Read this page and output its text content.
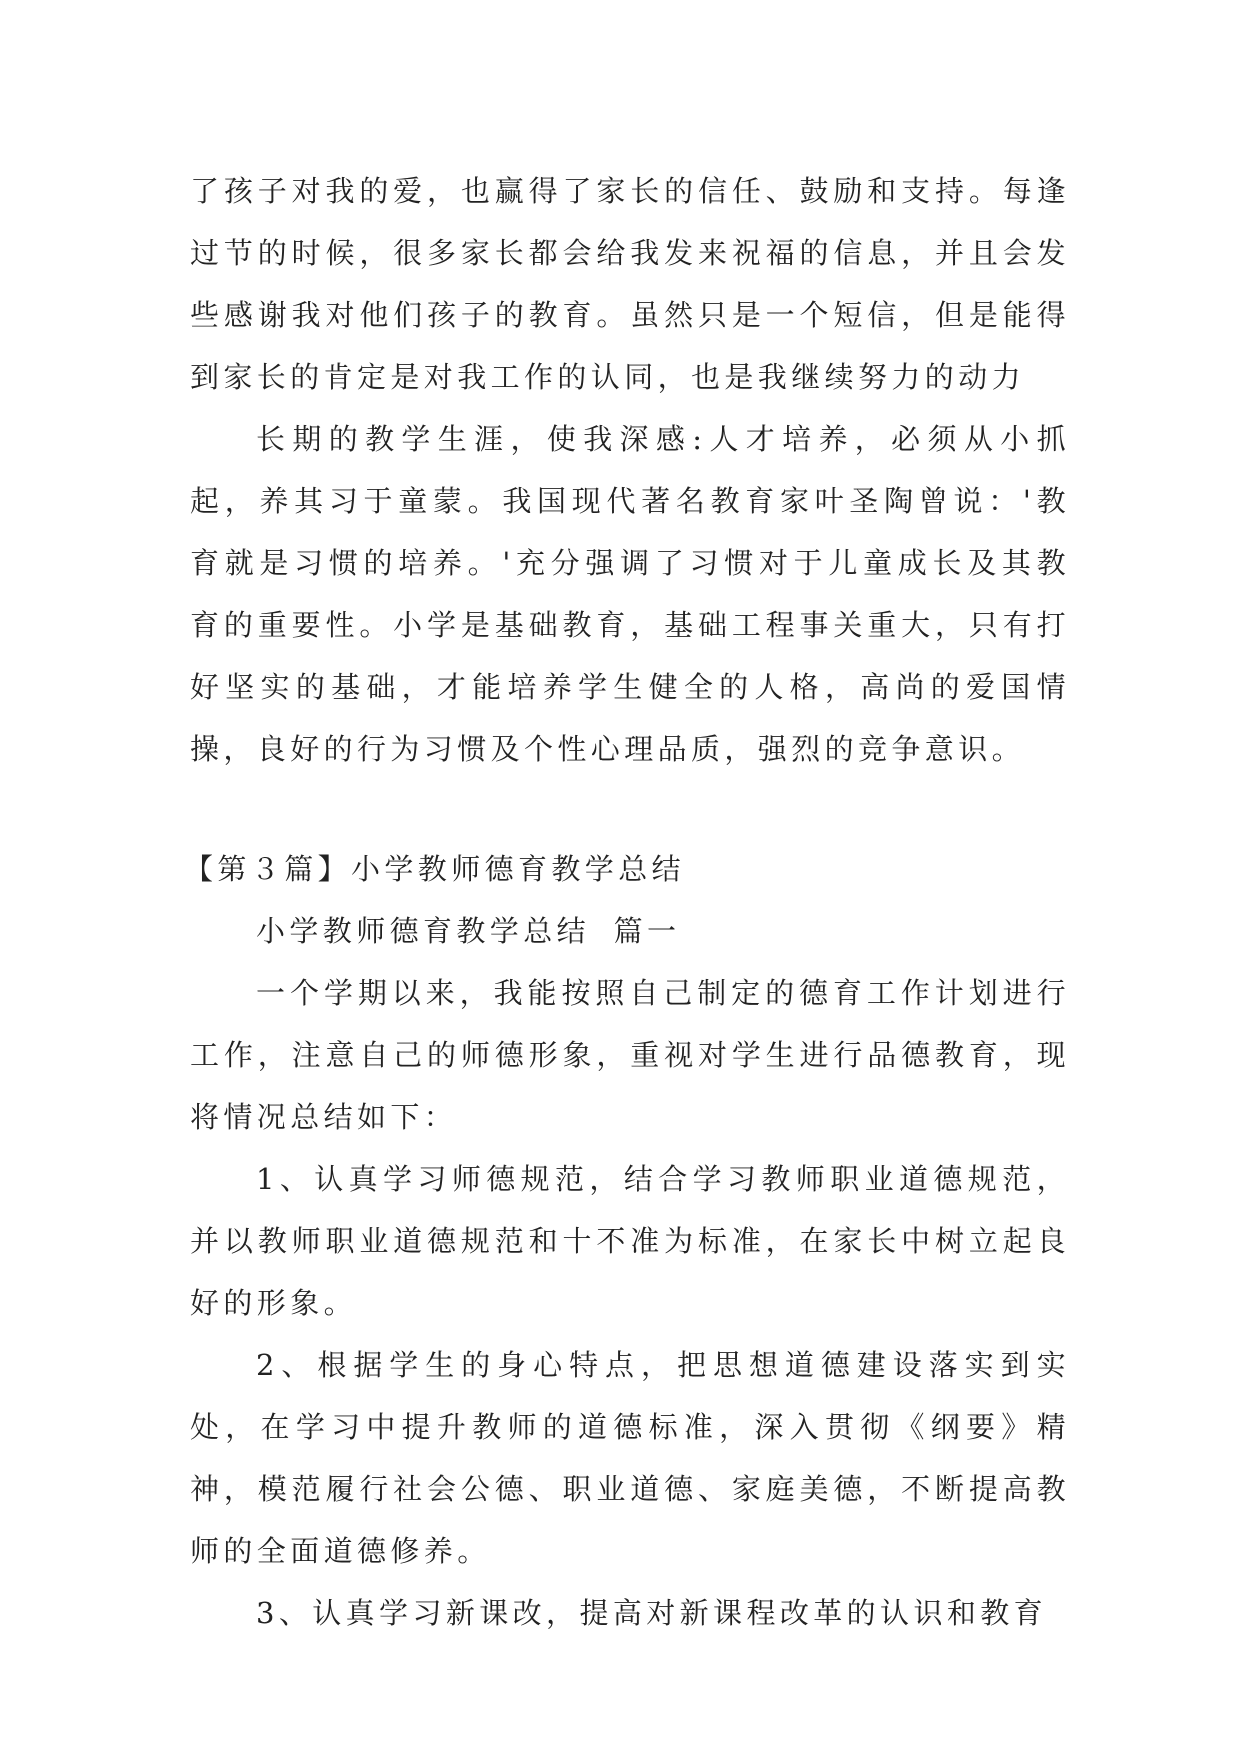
了孩子对我的爱，也赢得了家长的信任、鼓励和支持。每逢过节的时候，很多家长都会给我发来祝福的信息，并且会发些感谢我对他们孩子的教育。虽然只是一个短信，但是能得到家长的肯定是对我工作的认同，也是我继续努力的动力

长期的教学生涯，使我深感:人才培养，必须从小抓起，养其习于童蒙。我国现代著名教育家叶圣陶曾说：'教育就是习惯的培养。'充分强调了习惯对于儿童成长及其教育的重要性。小学是基础教育，基础工程事关重大，只有打好坚实的基础，才能培养学生健全的人格，高尚的爱国情操，良好的行为习惯及个性心理品质，强烈的竞争意识。

【第３篇】小学教师德育教学总结

小学教师德育教学总结 篇一

一个学期以来，我能按照自己制定的德育工作计划进行工作，注意自己的师德形象，重视对学生进行品德教育，现将情况总结如下：

1、认真学习师德规范，结合学习教师职业道德规范，并以教师职业道德规范和十不准为标准，在家长中树立起良好的形象。

2、根据学生的身心特点，把思想道德建设落实到实处，在学习中提升教师的道德标准，深入贯彻《纲要》精神，模范履行社会公德、职业道德、家庭美德，不断提高教师的全面道德修养。

3、认真学习新课改，提高对新课程改革的认识和教育
